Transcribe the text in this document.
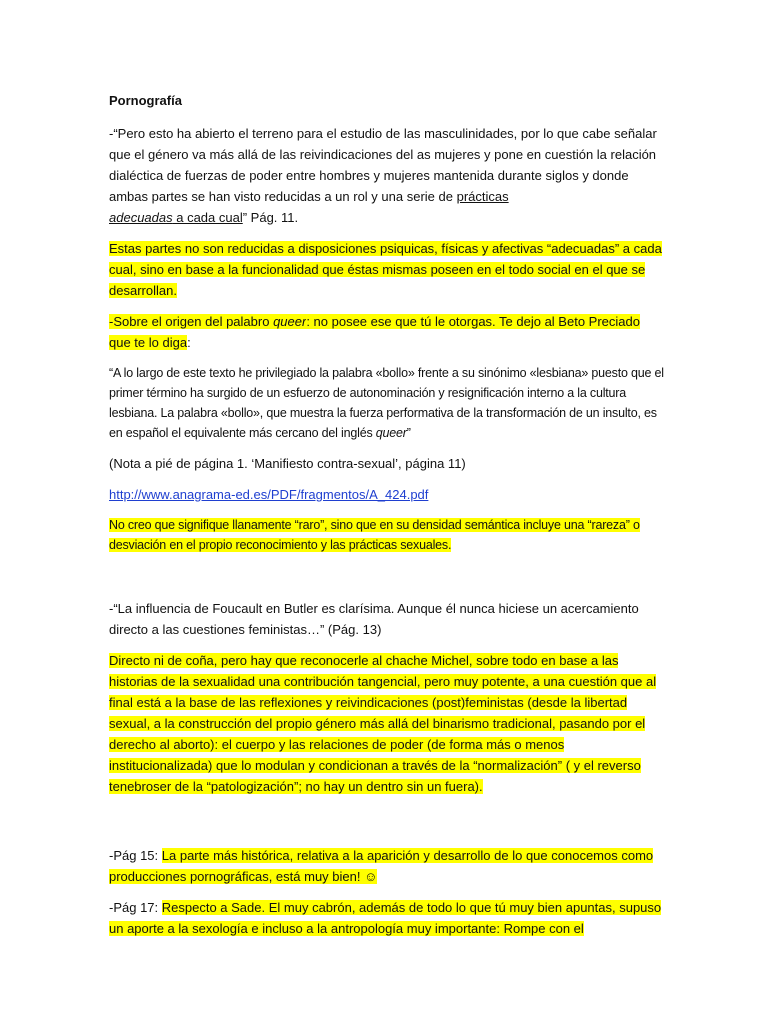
Pornografía

-“Pero esto ha abierto el terreno para el estudio de las masculinidades, por lo que cabe señalar que el género va más allá de las reivindicaciones del as mujeres y pone en cuestión la relación dialéctica de fuerzas de poder entre hombres y mujeres mantenida durante siglos y donde ambas partes se han visto reducidas a un rol y una serie de prácticas
adecuadas a cada cual” Pág. 11.

Estas partes no son reducidas a disposiciones psiquicas, físicas y afectivas “adecuadas” a cada cual, sino en base a la funcionalidad que éstas mismas poseen en el todo social en el que se desarrollan.

-Sobre el origen del palabro queer: no posee ese que tú le otorgas. Te dejo al Beto Preciado que te lo diga:

“A lo largo de este texto he privilegiado la palabra «bollo» frente a su sinónimo «lesbiana» puesto que el primer término ha surgido de un esfuerzo de autonominación y resignificación interno a la cultura lesbiana. La palabra «bollo», que muestra la fuerza performativa de la transformación de un insulto, es en español el equivalente más cercano del inglés queer”

(Nota a pié de página 1. ‘Manifiesto contra-sexual’, página 11)

http://www.anagrama-ed.es/PDF/fragmentos/A_424.pdf

No creo que signifique llanamente “raro”, sino que en su densidad semántica incluye una “rareza” o desviación en el propio reconocimiento y las prácticas sexuales.

-“La influencia de Foucault en Butler es clarísima. Aunque él nunca hiciese un acercamiento directo a las cuestiones feministas…” (Pág. 13)

Directo ni de coña, pero hay que reconocerle al chache Michel, sobre todo en base a las historias de la sexualidad una contribución tangencial, pero muy potente, a una cuestión que al final está a la base de las reflexiones y reivindicaciones (post)feministas (desde la libertad sexual, a la construcción del propio género más allá del binarismo tradicional, pasando por el derecho al aborto): el cuerpo y las relaciones de poder (de forma más o menos institucionalizada) que lo modulan y condicionan a través de la “normalización” ( y el reverso tenebroser de la “patologización”; no hay un dentro sin un fuera).

-Pág 15: La parte más histórica, relativa a la aparición y desarrollo de lo que conocemos como producciones pornográficas, está muy bien! ☺

-Pág 17: Respecto a Sade. El muy cabrón, además de todo lo que tú muy bien apuntas, supuso un aporte a la sexología e incluso a la antropología muy importante: Rompe con el
